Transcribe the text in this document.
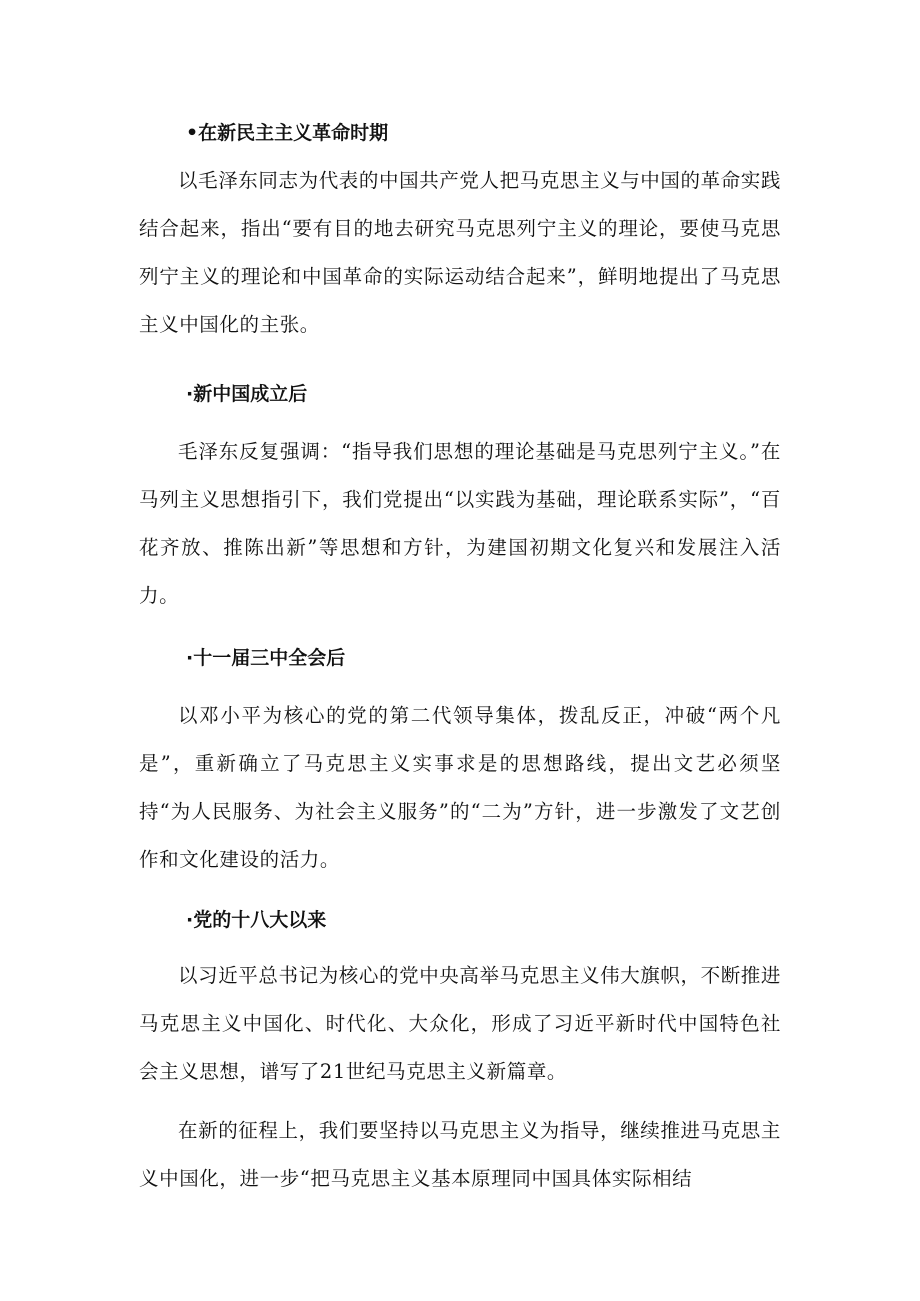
•在新民主主义革命时期
以毛泽东同志为代表的中国共产党人把马克思主义与中国的革命实践结合起来，指出“要有目的地去研究马克思列宁主义的理论，要使马克思列宁主义的理论和中国革命的实际运动结合起来”，鲜明地提出了马克思主义中国化的主张。
·新中国成立后
毛泽东反复强调：“指导我们思想的理论基础是马克思列宁主义。”在马列主义思想指引下，我们党提出“以实践为基础，理论联系实际”，“百花齐放、推陈出新”等思想和方针，为建国初期文化复兴和发展注入活力。
·十一届三中全会后
以邓小平为核心的党的第二代领导集体，拨乱反正，冲破“两个凡是”，重新确立了马克思主义实事求是的思想路线，提出文艺必须坚持“为人民服务、为社会主义服务”的“二为”方针，进一步激发了文艺创作和文化建设的活力。
·党的十八大以来
以习近平总书记为核心的党中央高举马克思主义伟大旗帜，不断推进马克思主义中国化、时代化、大众化，形成了习近平新时代中国特色社会主义思想，谱写了21世纪马克思主义新篇章。
在新的征程上，我们要坚持以马克思主义为指导，继续推进马克思主义中国化，进一步“把马克思主义基本原理同中国具体实际相结
